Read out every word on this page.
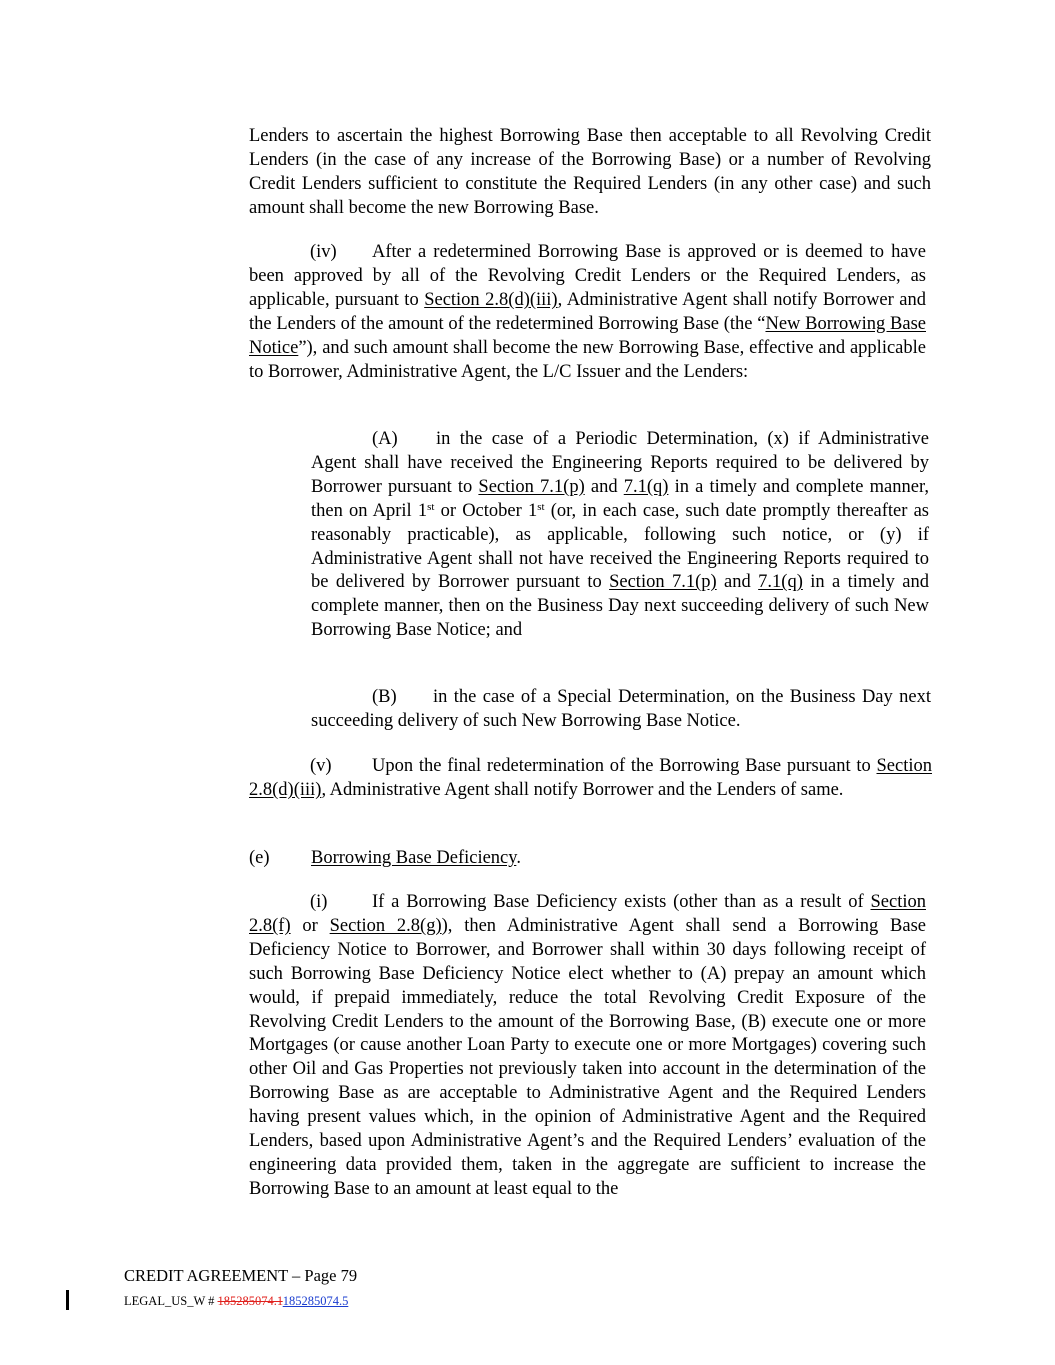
Lenders to ascertain the highest Borrowing Base then acceptable to all Revolving Credit Lenders (in the case of any increase of the Borrowing Base) or a number of Revolving Credit Lenders sufficient to constitute the Required Lenders (in any other case) and such amount shall become the new Borrowing Base.

(iv) After a redetermined Borrowing Base is approved or is deemed to have been approved by all of the Revolving Credit Lenders or the Required Lenders, as applicable, pursuant to Section 2.8(d)(iii), Administrative Agent shall notify Borrower and the Lenders of the amount of the redetermined Borrowing Base (the “New Borrowing Base Notice”), and such amount shall become the new Borrowing Base, effective and applicable to Borrower, Administrative Agent, the L/C Issuer and the Lenders:

(A) in the case of a Periodic Determination, (x) if Administrative Agent shall have received the Engineering Reports required to be delivered by Borrower pursuant to Section 7.1(p) and 7.1(q) in a timely and complete manner, then on April 1st or October 1st (or, in each case, such date promptly thereafter as reasonably practicable), as applicable, following such notice, or (y) if Administrative Agent shall not have received the Engineering Reports required to be delivered by Borrower pursuant to Section 7.1(p) and 7.1(q) in a timely and complete manner, then on the Business Day next succeeding delivery of such New Borrowing Base Notice; and

(B) in the case of a Special Determination, on the Business Day next succeeding delivery of such New Borrowing Base Notice.

(v) Upon the final redetermination of the Borrowing Base pursuant to Section 2.8(d)(iii), Administrative Agent shall notify Borrower and the Lenders of same.

(e) Borrowing Base Deficiency.

(i) If a Borrowing Base Deficiency exists (other than as a result of Section 2.8(f) or Section 2.8(g)), then Administrative Agent shall send a Borrowing Base Deficiency Notice to Borrower, and Borrower shall within 30 days following receipt of such Borrowing Base Deficiency Notice elect whether to (A) prepay an amount which would, if prepaid immediately, reduce the total Revolving Credit Exposure of the Revolving Credit Lenders to the amount of the Borrowing Base, (B) execute one or more Mortgages (or cause another Loan Party to execute one or more Mortgages) covering such other Oil and Gas Properties not previously taken into account in the determination of the Borrowing Base as are acceptable to Administrative Agent and the Required Lenders having present values which, in the opinion of Administrative Agent and the Required Lenders, based upon Administrative Agent’s and the Required Lenders’ evaluation of the engineering data provided them, taken in the aggregate are sufficient to increase the Borrowing Base to an amount at least equal to the

CREDIT AGREEMENT – Page 79
LEGAL_US_W # 185285074.1185285074.5
